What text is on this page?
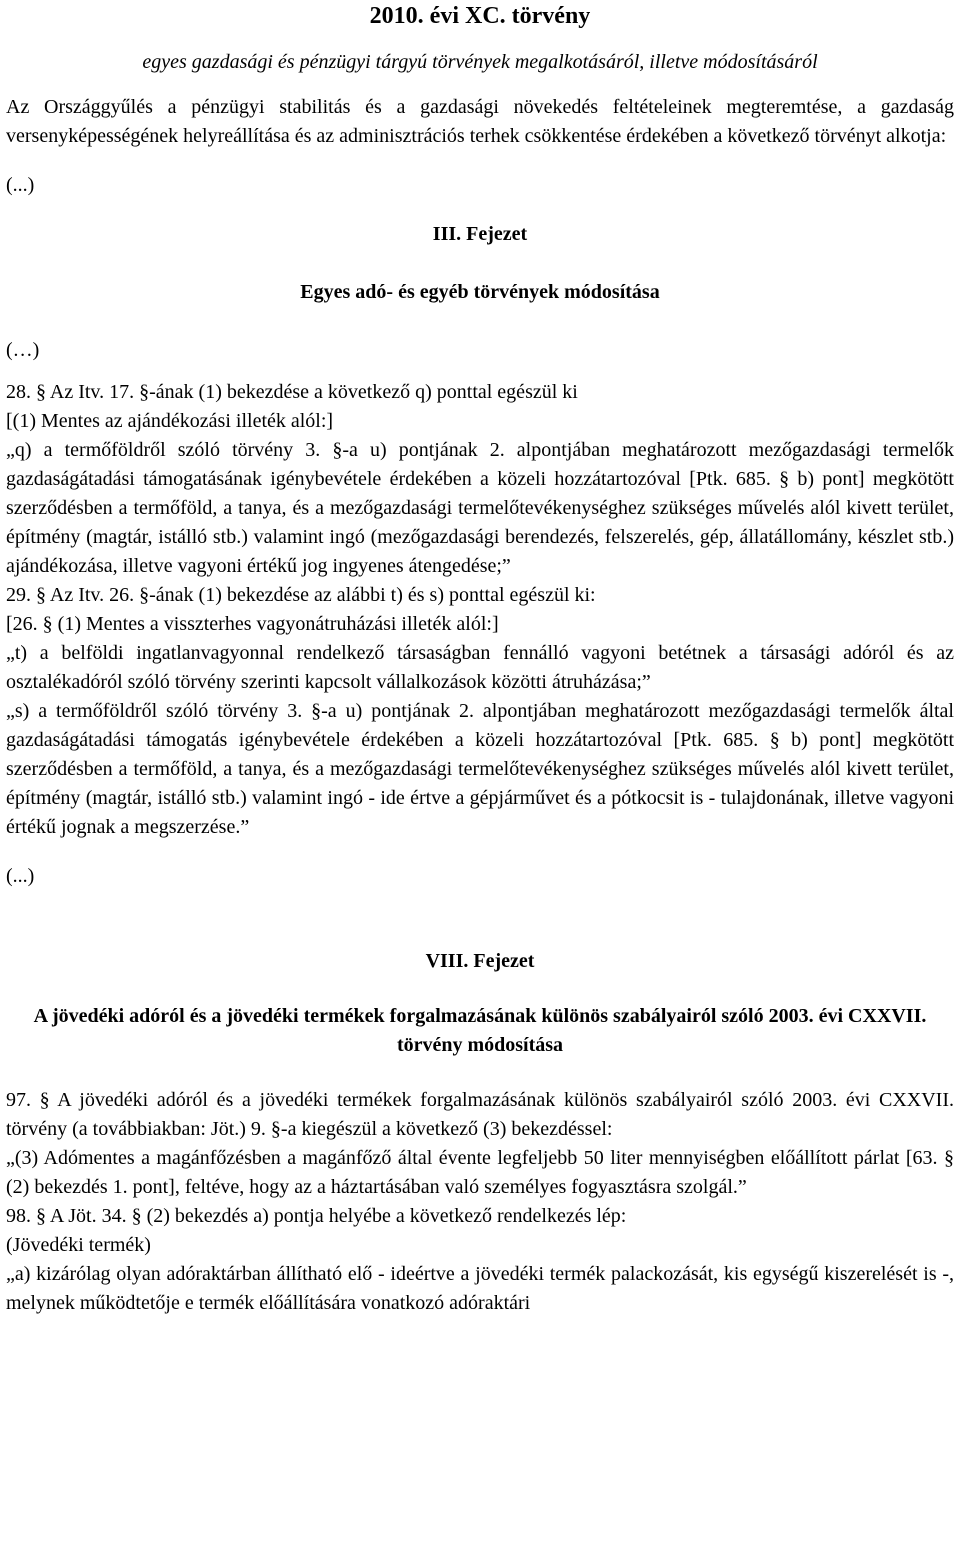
2010. évi XC. törvény

egyes gazdasági és pénzügyi tárgyú törvények megalkotásáról, illetve módosításáról

Az Országgyűlés a pénzügyi stabilitás és a gazdasági növekedés feltételeinek megteremtése, a gazdaság versenyképességének helyreállítása és az adminisztrációs terhek csökkentése érdekében a következő törvényt alkotja:

(...)

III. Fejezet

Egyes adó- és egyéb törvények módosítása

(…)

28. § Az Itv. 17. §-ának (1) bekezdése a következő q) ponttal egészül ki

[(1) Mentes az ajándékozási illeték alól:]

„q) a termőföldről szóló törvény 3. §-a u) pontjának 2. alpontjában meghatározott mezőgazdasági termelők gazdaságátadási támogatásának igénybevétele érdekében a közeli hozzátartozóval [Ptk. 685. § b) pont] megkötött szerződésben a termőföld, a tanya, és a mezőgazdasági termelőtevékenységhez szükséges művelés alól kivett terület, építmény (magtár, istálló stb.) valamint ingó (mezőgazdasági berendezés, felszerelés, gép, állatállomány, készlet stb.) ajándékozása, illetve vagyoni értékű jog ingyenes átengedése;”

29. § Az Itv. 26. §-ának (1) bekezdése az alábbi t) és s) ponttal egészül ki:

[26. § (1) Mentes a visszterhes vagyonátruházási illeték alól:]

„t) a belföldi ingatlanvagyonnal rendelkező társaságban fennálló vagyoni betétnek a társasági adóról és az osztalékadóról szóló törvény szerinti kapcsolt vállalkozások közötti átruházása;”

„s) a termőföldről szóló törvény 3. §-a u) pontjának 2. alpontjában meghatározott mezőgazdasági termelők által gazdaságátadási támogatás igénybevétele érdekében a közeli hozzátartozóval [Ptk. 685. § b) pont] megkötött szerződésben a termőföld, a tanya, és a mezőgazdasági termelőtevékenységhez szükséges művelés alól kivett terület, építmény (magtár, istálló stb.) valamint ingó - ide értve a gépjárművet és a pótkocsit is - tulajdonának, illetve vagyoni értékű jognak a megszerzése.”

(...)

VIII. Fejezet

A jövedéki adóról és a jövedéki termékek forgalmazásának különös szabályairól szóló 2003. évi CXXVII. törvény módosítása

97. § A jövedéki adóról és a jövedéki termékek forgalmazásának különös szabályairól szóló 2003. évi CXXVII. törvény (a továbbiakban: Jöt.) 9. §-a kiegészül a következő (3) bekezdéssel:

„(3) Adómentes a magánfőzésben a magánfőző által évente legfeljebb 50 liter mennyiségben előállított párlat [63. § (2) bekezdés 1. pont], feltéve, hogy az a háztartásában való személyes fogyasztásra szolgál.”

98. § A Jöt. 34. § (2) bekezdés a) pontja helyébe a következő rendelkezés lép:

(Jövedéki termék)

„a) kizárólag olyan adóraktárban állítható elő - ideértve a jövedéki termék palackozását, kis egységű kiszerelését is -, melynek működtetője e termék előállítására vonatkozó adóraktári
